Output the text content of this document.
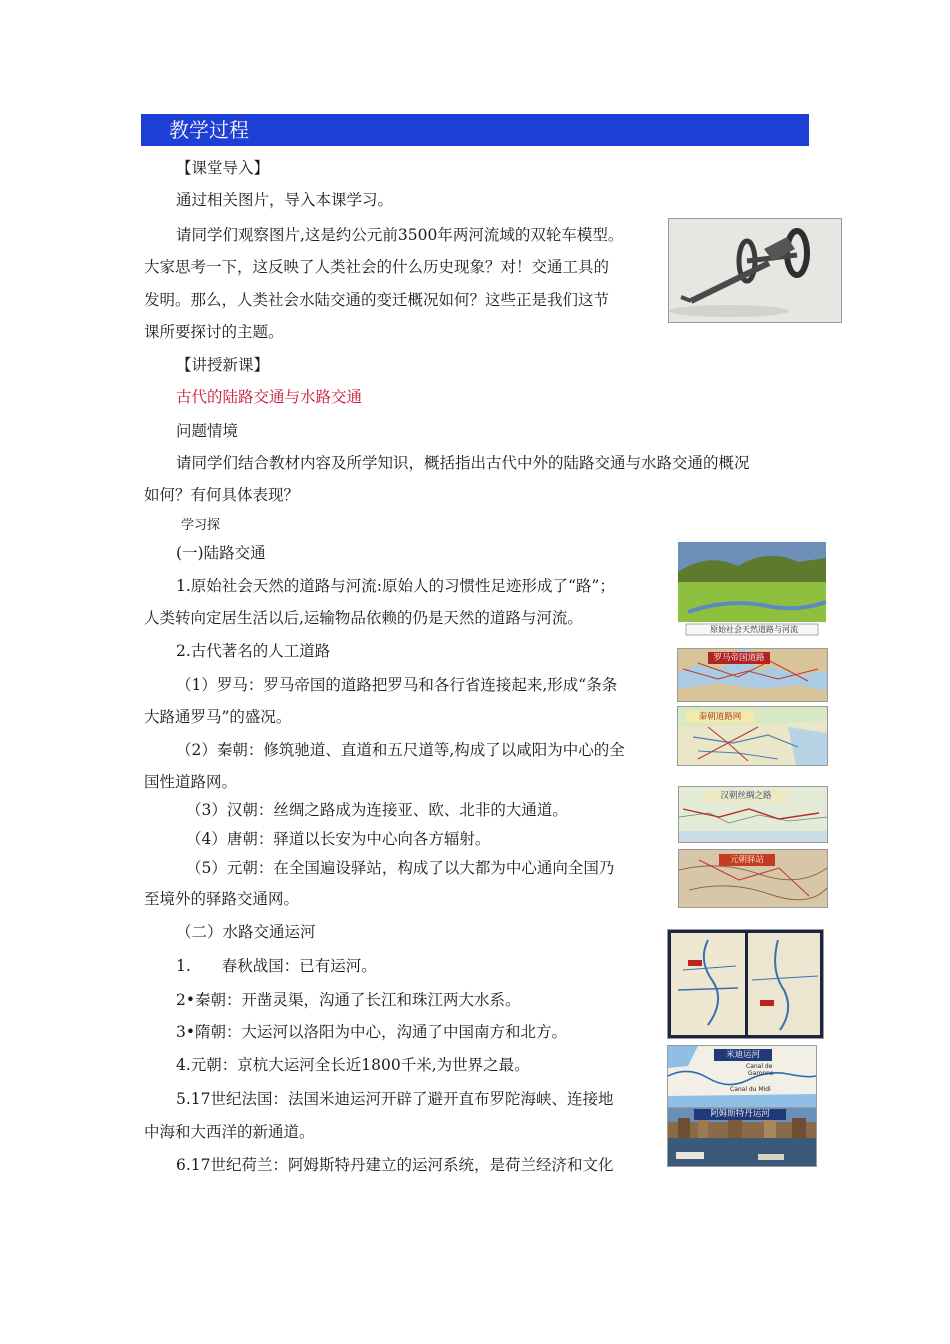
教学过程
【课堂导入】
通过相关图片，导入本课学习。
请同学们观察图片,这是约公元前3500年两河流域的双轮车模型。
大家思考一下，这反映了人类社会的什么历史现象？对！交通工具的
发明。那么，人类社会水陆交通的变迁概况如何？这些正是我们这节
课所要探讨的主题。
【讲授新课】
古代的陆路交通与水路交通
问题情境
请同学们结合教材内容及所学知识，概括指出古代中外的陆路交通与水路交通的概况
如何？有何具体表现？
学习探
(一)陆路交通
1.原始社会天然的道路与河流:原始人的习惯性足迹形成了“路”；
人类转向定居生活以后,运输物品依赖的仍是天然的道路与河流。
2.古代著名的人工道路
（1）罗马：罗马帝国的道路把罗马和各行省连接起来,形成“条条
大路通罗马”的盛况。
（2）秦朝：修筑驰道、直道和五尺道等,构成了以咸阳为中心的全
国性道路网。
（3）汉朝：丝绸之路成为连接亚、欧、北非的大通道。
（4）唐朝：驿道以长安为中心向各方辐射。
（5）元朝：在全国遍设驿站，构成了以大都为中心通向全国乃
至境外的驿路交通网。
原始社会天然道路与河流
罗马帝国道路
秦朝道路网
汉朝丝绸之路
元朝驿站
（二）水路交通运河
1.　　春秋战国：已有运河。
2•秦朝：开凿灵渠，沟通了长江和珠江两大水系。
3•隋朝：大运河以洛阳为中心，沟通了中国南方和北方。
4.元朝：京杭大运河全长近1800千米,为世界之最。
5.17世纪法国：法国米迪运河开辟了避开直布罗陀海峡、连接地
中海和大西洋的新通道。
6.17世纪荷兰：阿姆斯特丹建立的运河系统，是荷兰经济和文化
米迪运河
Canal de
Garonne
Canal du Midi
阿姆斯特丹运河
